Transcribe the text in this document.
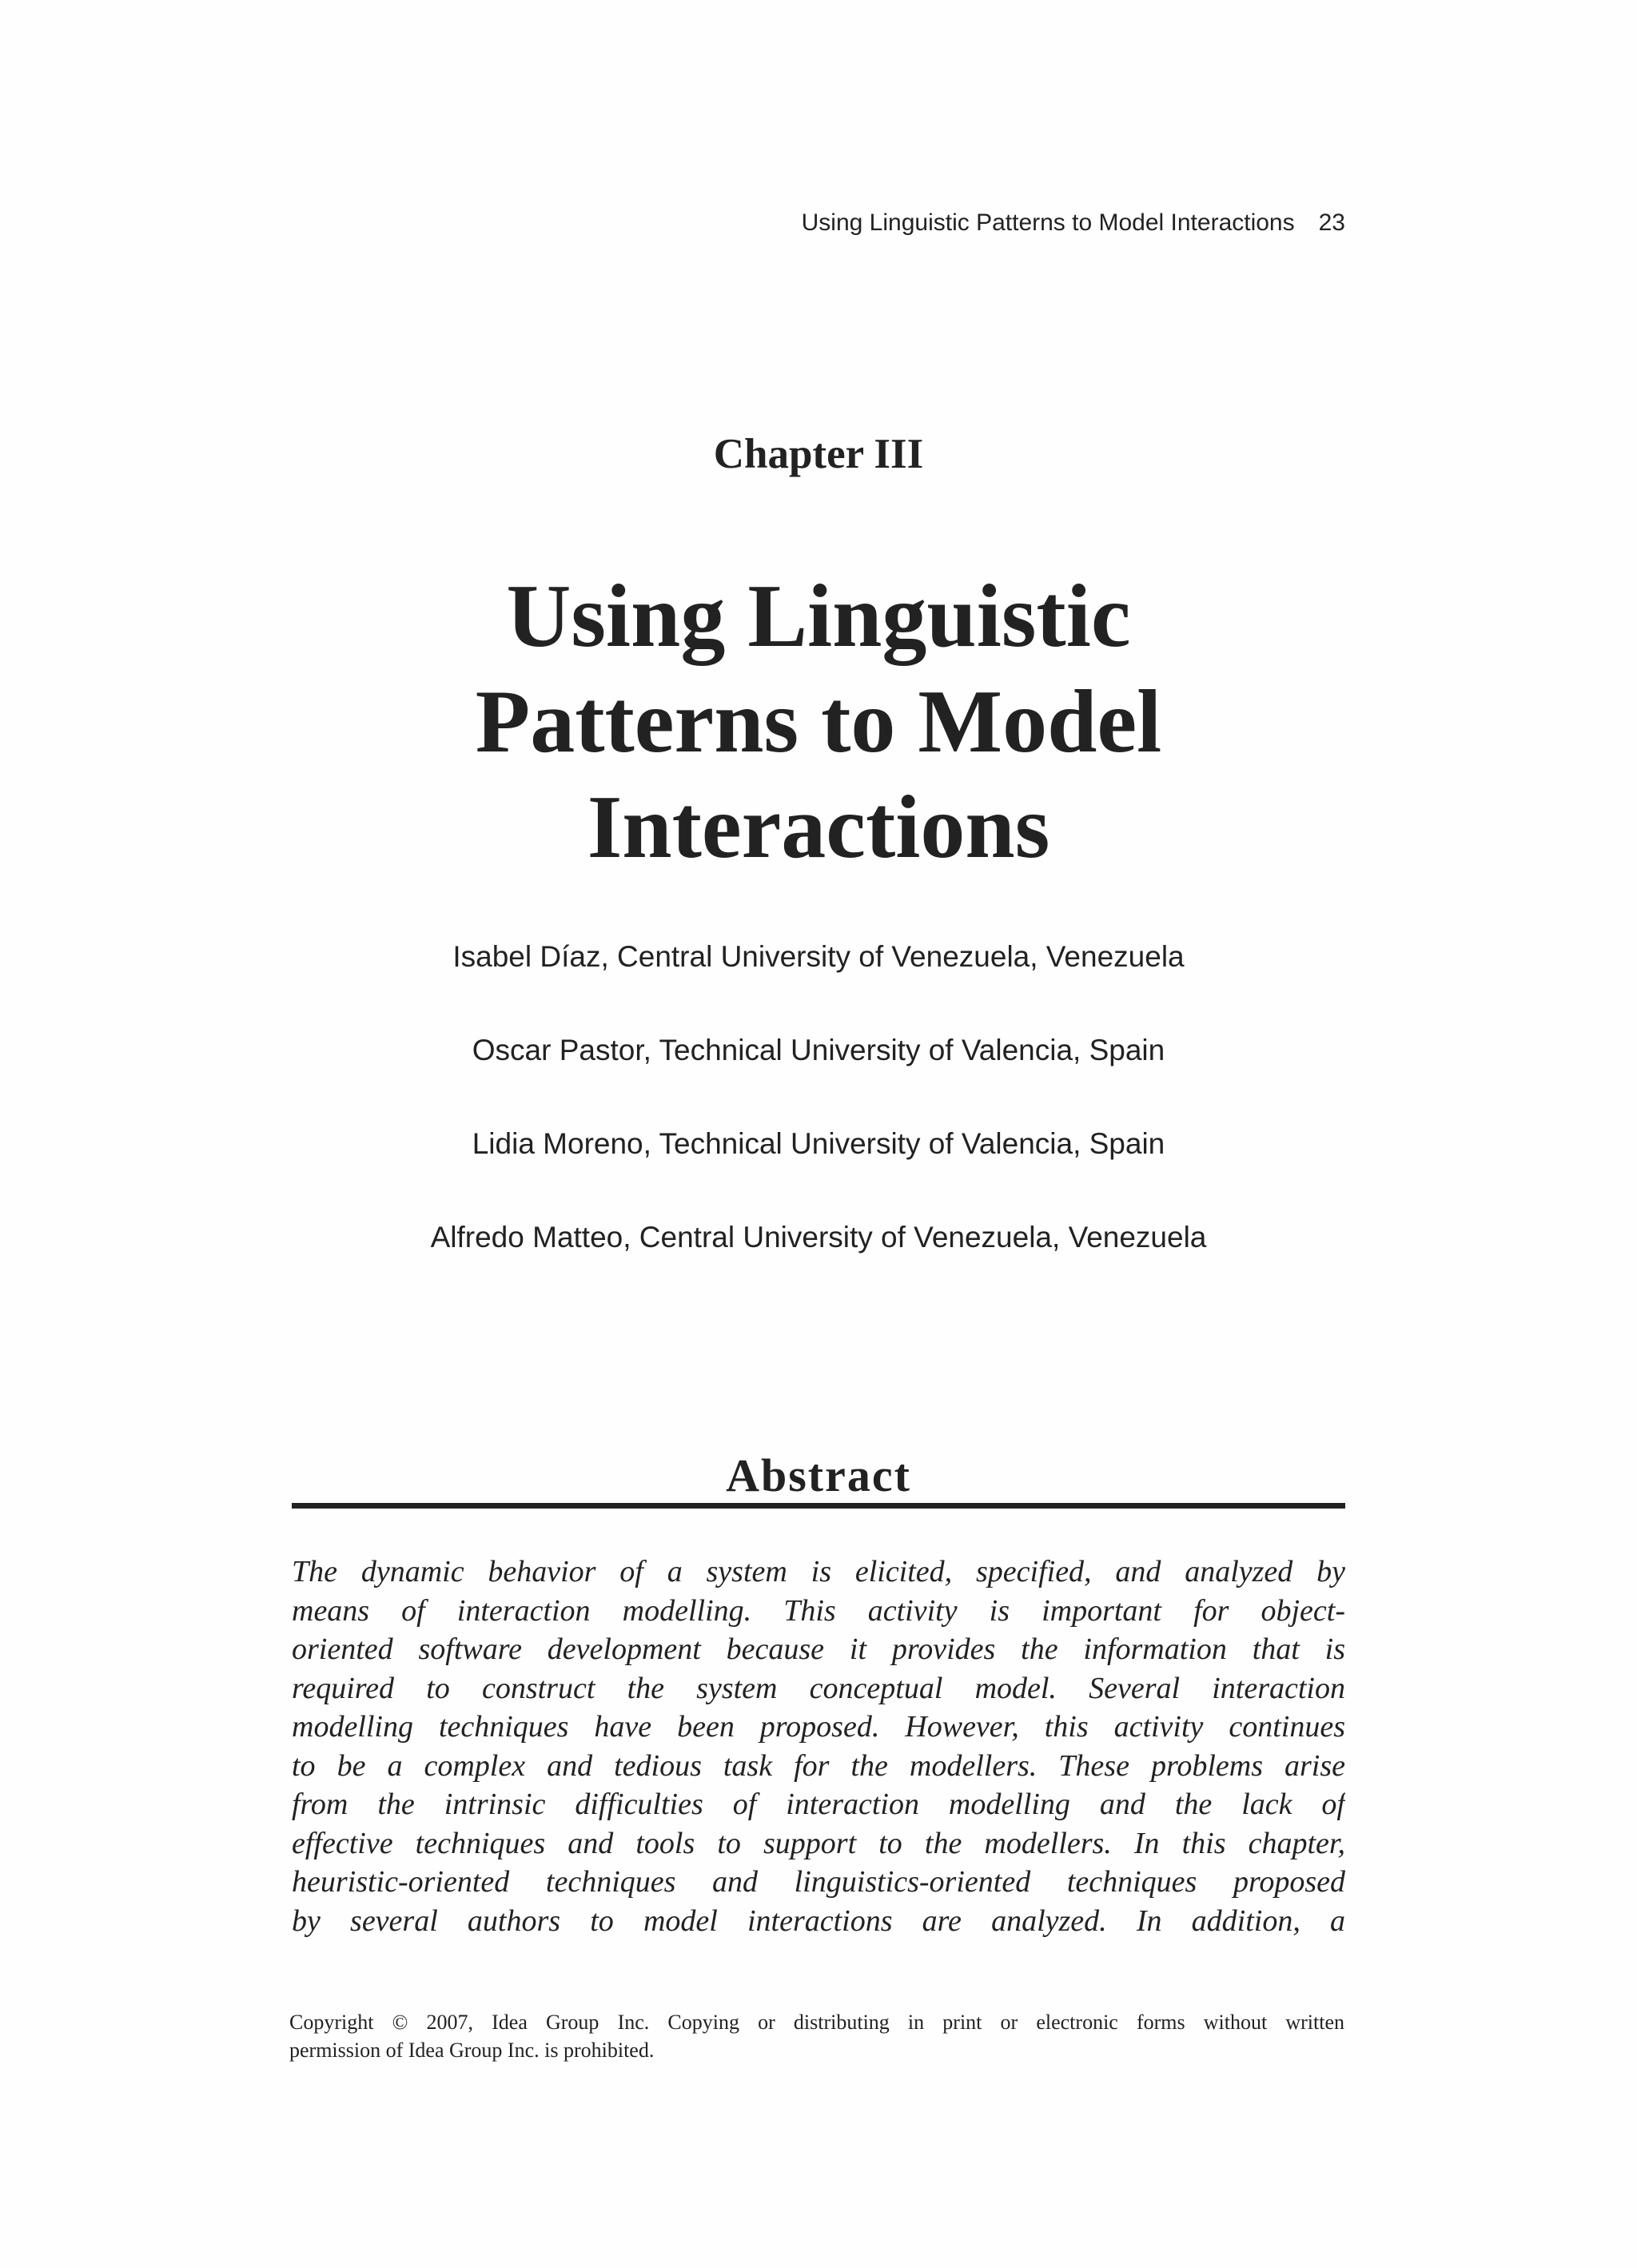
Using Linguistic Patterns to Model Interactions 23
Chapter III
Using Linguistic
Patterns to Model
Interactions
Isabel Díaz, Central University of Venezuela, Venezuela
Oscar Pastor, Technical University of Valencia, Spain
Lidia Moreno, Technical University of Valencia, Spain
Alfredo Matteo, Central University of Venezuela, Venezuela
Abstract
The dynamic behavior of a system is elicited, specified, and analyzed by
means of interaction modelling. This activity is important for object-
oriented software development because it provides the information that is
required to construct the system conceptual model. Several interaction
modelling techniques have been proposed. However, this activity continues
to be a complex and tedious task for the modellers. These problems arise
from the intrinsic difficulties of interaction modelling and the lack of
effective techniques and tools to support to the modellers. In this chapter,
heuristic-oriented techniques and linguistics-oriented techniques proposed
by several authors to model interactions are analyzed. In addition, a
Copyright © 2007, Idea Group Inc. Copying or distributing in print or electronic forms without written
permission of Idea Group Inc. is prohibited.
